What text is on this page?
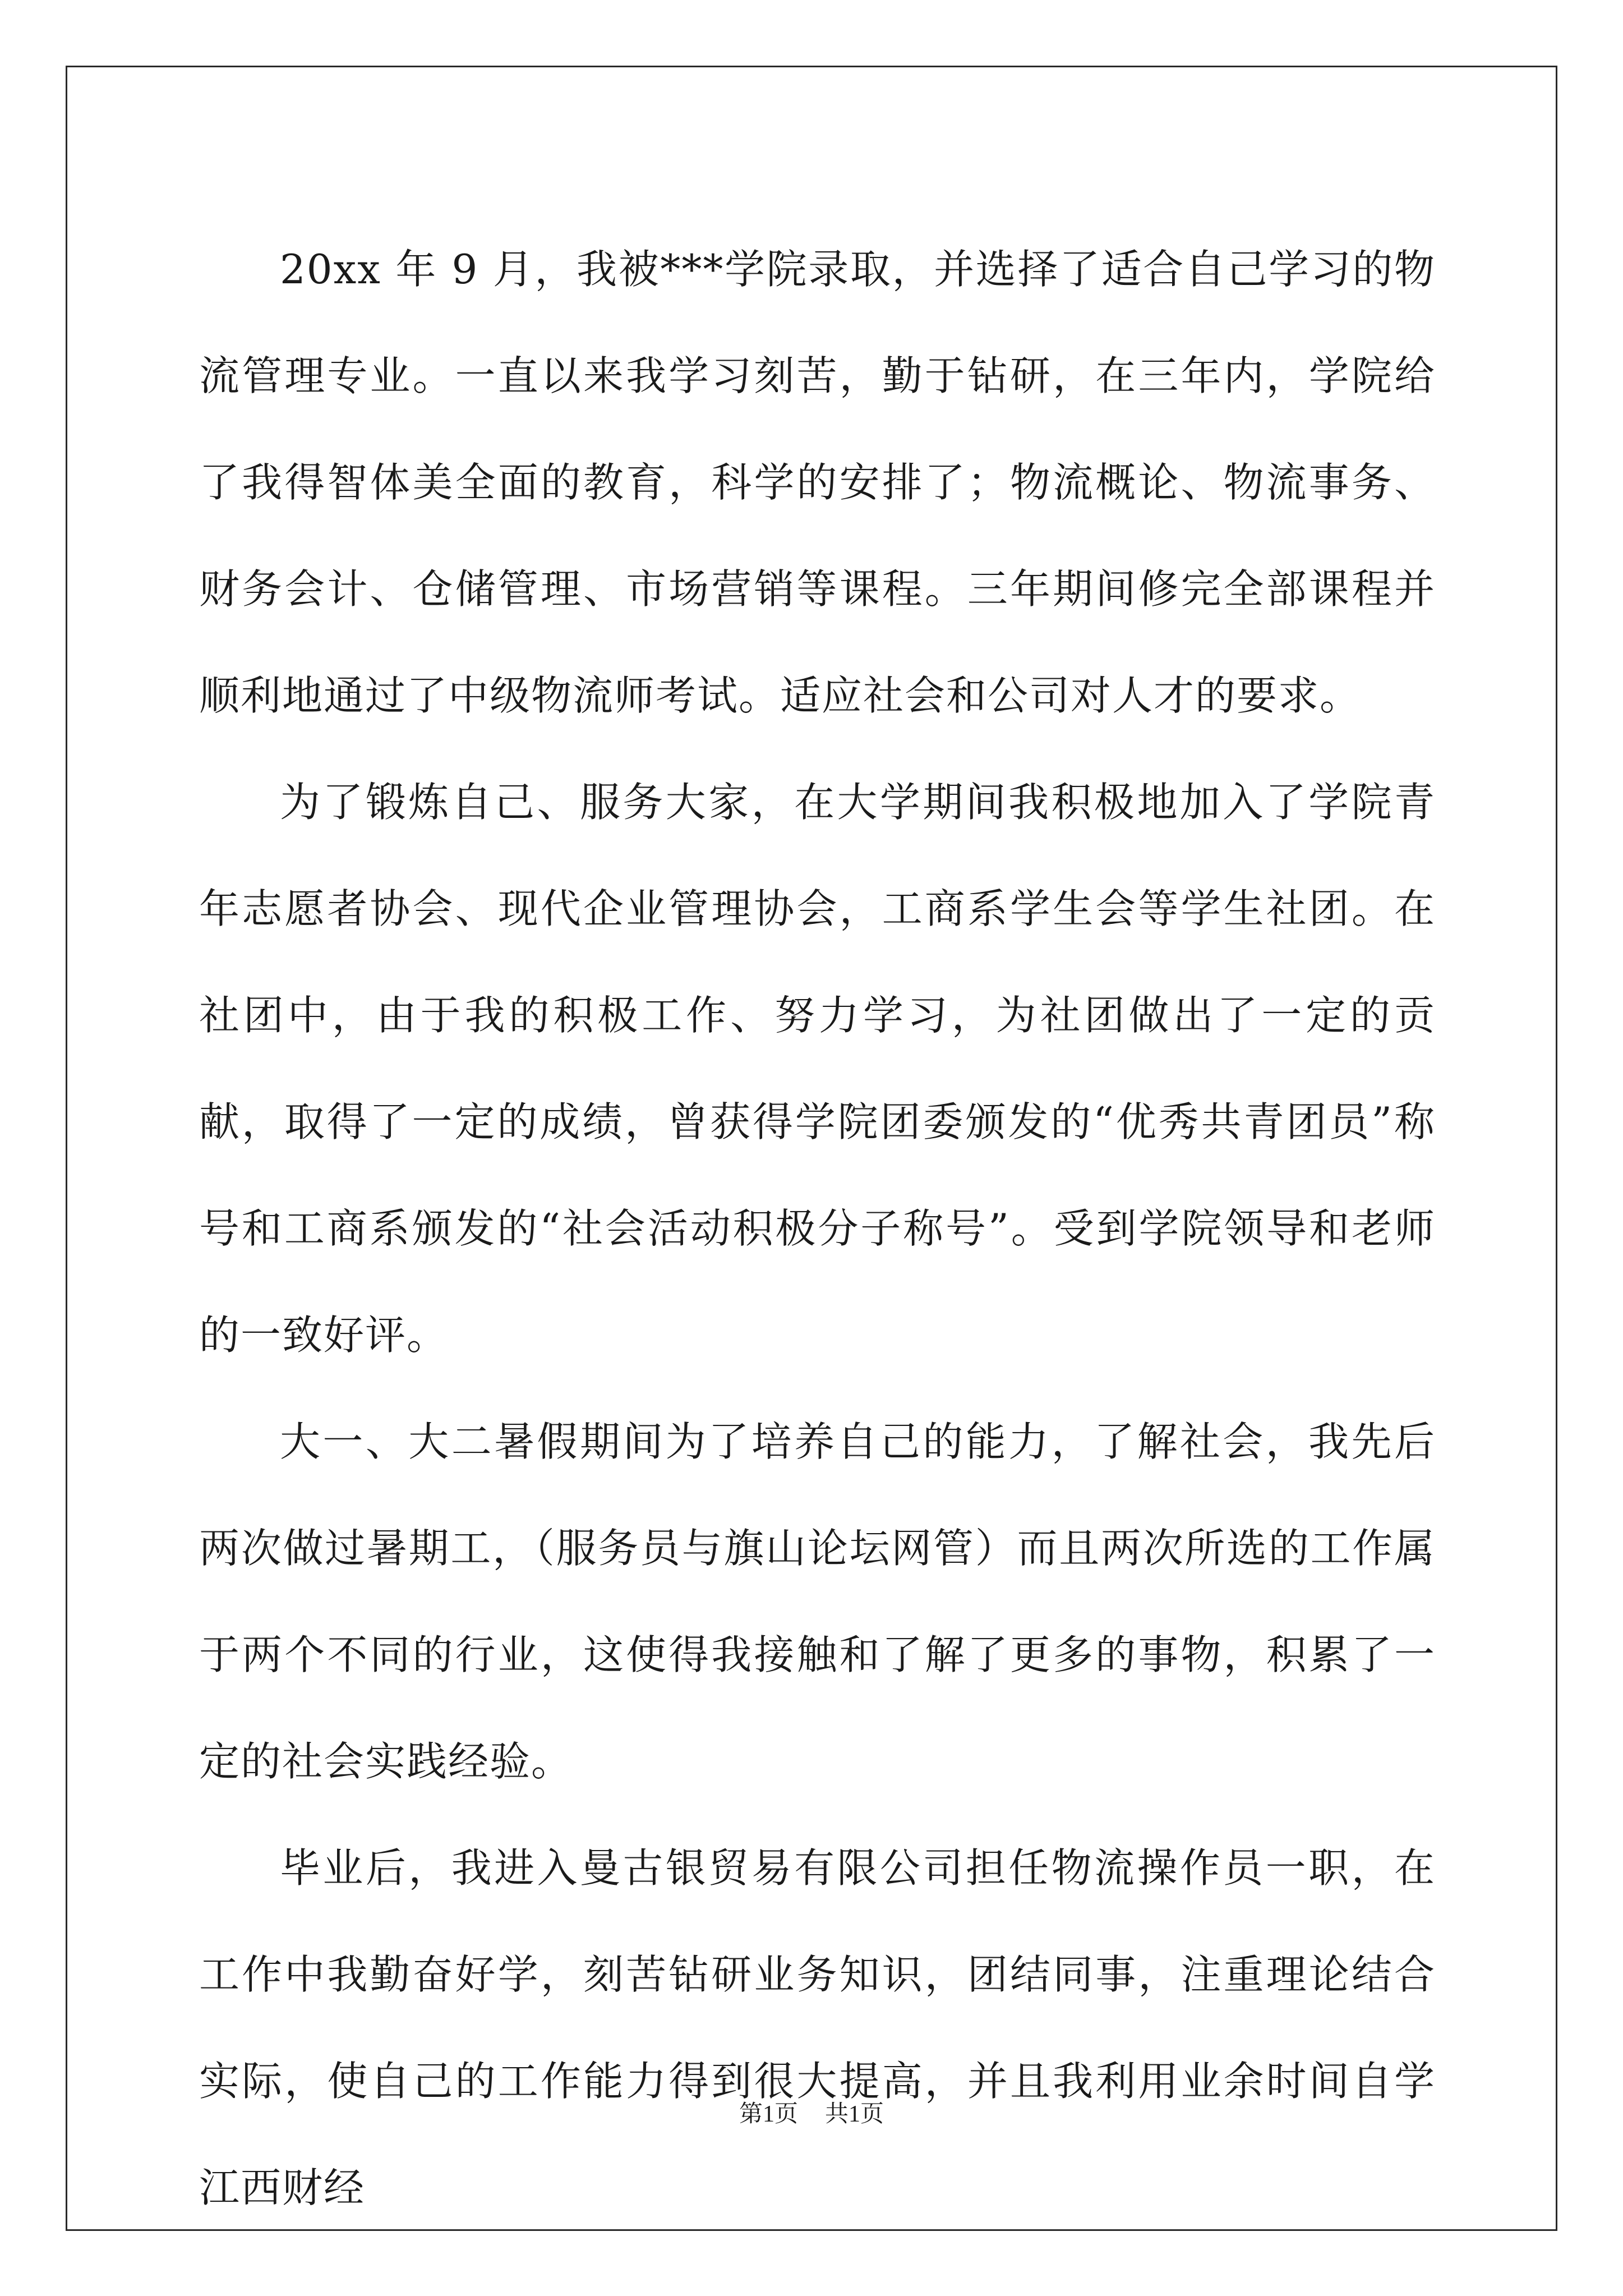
20xx 年 9 月，我被***学院录取，并选择了适合自己学习的物流管理专业。一直以来我学习刻苦，勤于钻研，在三年内，学院给了我得智体美全面的教育，科学的安排了；物流概论、物流事务、财务会计、仓储管理、市场营销等课程。三年期间修完全部课程并顺利地通过了中级物流师考试。适应社会和公司对人才的要求。

为了锻炼自己、服务大家，在大学期间我积极地加入了学院青年志愿者协会、现代企业管理协会，工商系学生会等学生社团。在社团中，由于我的积极工作、努力学习，为社团做出了一定的贡献，取得了一定的成绩，曾获得学院团委颁发的“优秀共青团员”称号和工商系颁发的“社会活动积极分子称号”。受到学院领导和老师的一致好评。

大一、大二暑假期间为了培养自己的能力，了解社会，我先后两次做过暑期工，（服务员与旗山论坛网管）而且两次所选的工作属于两个不同的行业，这使得我接触和了解了更多的事物，积累了一定的社会实践经验。

毕业后，我进入曼古银贸易有限公司担任物流操作员一职，在工作中我勤奋好学，刻苦钻研业务知识，团结同事，注重理论结合实际，使自己的工作能力得到很大提高，并且我利用业余时间自学江西财经

第1页 共1页
